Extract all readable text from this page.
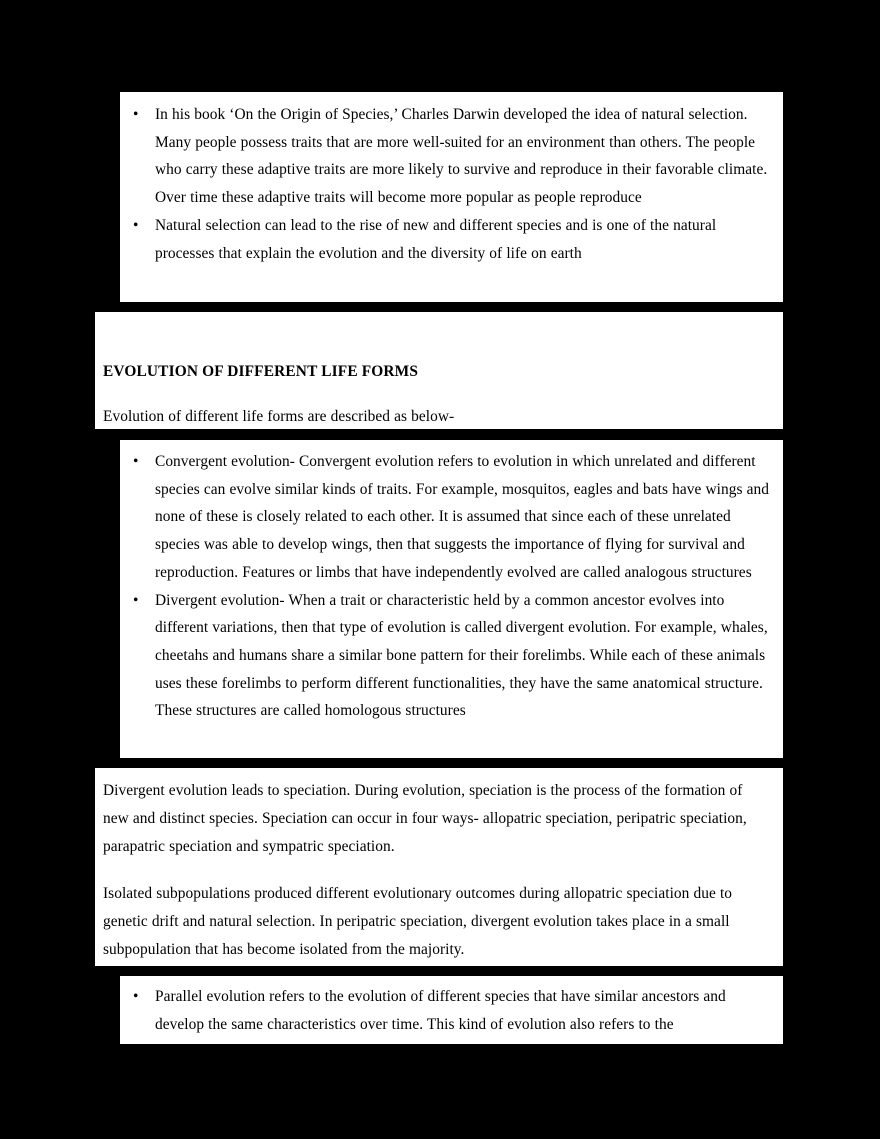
• In his book ‘On the Origin of Species,’ Charles Darwin developed the idea of natural selection. Many people possess traits that are more well-suited for an environment than others. The people who carry these adaptive traits are more likely to survive and reproduce in their favorable climate. Over time these adaptive traits will become more popular as people reproduce
• Natural selection can lead to the rise of new and different species and is one of the natural processes that explain the evolution and the diversity of life on earth
EVOLUTION OF DIFFERENT LIFE FORMS

Evolution of different life forms are described as below-

• Convergent evolution- Convergent evolution refers to evolution in which unrelated and different species can evolve similar kinds of traits. For example, mosquitos, eagles and bats have wings and none of these is closely related to each other. It is assumed that since each of these unrelated species was able to develop wings, then that suggests the importance of flying for survival and reproduction. Features or limbs that have independently evolved are called analogous structures
• Divergent evolution- When a trait or characteristic held by a common ancestor evolves into different variations, then that type of evolution is called divergent evolution. For example, whales, cheetahs and humans share a similar bone pattern for their forelimbs. While each of these animals uses these forelimbs to perform different functionalities, they have the same anatomical structure. These structures are called homologous structures

Divergent evolution leads to speciation. During evolution, speciation is the process of the formation of new and distinct species. Speciation can occur in four ways- allopatric speciation, peripatric speciation, parapatric speciation and sympatric speciation.

Isolated subpopulations produced different evolutionary outcomes during allopatric speciation due to genetic drift and natural selection. In peripatric speciation, divergent evolution takes place in a small subpopulation that has become isolated from the majority.

• Parallel evolution refers to the evolution of different species that have similar ancestors and develop the same characteristics over time. This kind of evolution also refers to the
